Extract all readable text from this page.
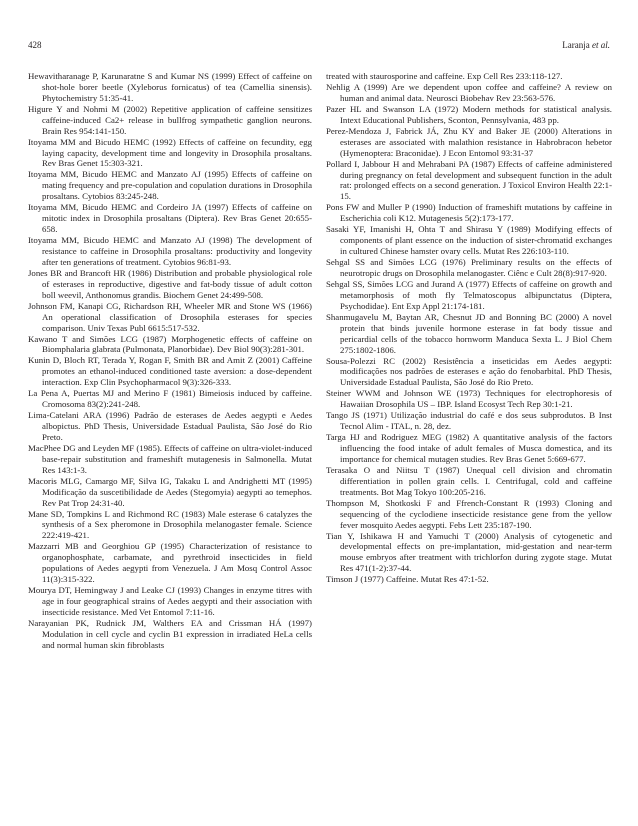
428	Laranja et al.

Hewavitharanage P, Karunaratne S and Kumar NS (1999) Effect of caffeine on shot-hole borer beetle (Xyleborus fornicatus) of tea (Camellia sinensis). Phytochemistry 51:35-41.

Higure Y and Nohmi M (2002) Repetitive application of caffeine sensitizes caffeine-induced Ca2+ release in bullfrog sympathetic ganglion neurons. Brain Res 954:141-150.

Itoyama MM and Bicudo HEMC (1992) Effects of caffeine on fecundity, egg laying capacity, development time and longevity in Drosophila prosaltans. Rev Bras Genet 15:303-321.

Itoyama MM, Bicudo HEMC and Manzato AJ (1995) Effects of caffeine on mating frequency and pre-copulation and copulation durations in Drosophila prosaltans. Cytobios 83:245-248.

Itoyama MM, Bicudo HEMC and Cordeiro JA (1997) Effects of caffeine on mitotic index in Drosophila prosaltans (Diptera). Rev Bras Genet 20:655-658.

Itoyama MM, Bicudo HEMC and Manzato AJ (1998) The development of resistance to caffeine in Drosophila prosaltans: productivity and longevity after ten generations of treatment. Cytobios 96:81-93.

Jones BR and Brancoft HR (1986) Distribution and probable physiological role of esterases in reproductive, digestive and fat-body tissue of adult cotton boll weevil, Anthonomus grandis. Biochem Genet 24:499-508.

Johnson FM, Kanapi CG, Richardson RH, Wheeler MR and Stone WS (1966) An operational classification of Drosophila esterases for species comparison. Univ Texas Publ 6615:517-532.

Kawano T and Simões LCG (1987) Morphogenetic effects of caffeine on Biomphalaria glabrata (Pulmonata, Planorbidae). Dev Biol 90(3):281-301.

Kunin D, Bloch RT, Terada Y, Rogan F, Smith BR and Amit Z (2001) Caffeine promotes an ethanol-induced conditioned taste aversion: a dose-dependent interaction. Exp Clin Psychopharmacol 9(3):326-333.

La Pena A, Puertas MJ and Merino F (1981) Bimeiosis induced by caffeine. Cromosoma 83(2):241-248.

Lima-Catelani ARA (1996) Padrão de esterases de Aedes aegypti e Aedes albopictus. PhD Thesis, Universidade Estadual Paulista, São José do Rio Preto.

MacPhee DG and Leyden MF (1985). Effects of caffeine on ultra-violet-induced base-repair substitution and frameshift mutagenesis in Salmonella. Mutat Res 143:1-3.

Macoris MLG, Camargo MF, Silva IG, Takaku L and Andrighetti MT (1995) Modificação da suscetibilidade de Aedes (Stegomyia) aegypti ao temephos. Rev Pat Trop 24:31-40.

Mane SD, Tompkins L and Richmond RC (1983) Male esterase 6 catalyzes the synthesis of a Sex pheromone in Drosophila melanogaster female. Science 222:419-421.

Mazzarri MB and Georghiou GP (1995) Characterization of resistance to organophosphate, carbamate, and pyrethroid insecticides in field populations of Aedes aegypti from Venezuela. J Am Mosq Control Assoc 11(3):315-322.

Mourya DT, Hemingway J and Leake CJ (1993) Changes in enzyme titres with age in four geographical strains of Aedes aegypti and their association with insecticide resistance. Med Vet Entomol 7:11-16.

Narayanian PK, Rudnick JM, Walthers EA and Crissman HÁ (1997) Modulation in cell cycle and cyclin B1 expression in irradiated HeLa cells and normal human skin fibroblasts

treated with staurosporine and caffeine. Exp Cell Res 233:118-127.

Nehlig A (1999) Are we dependent upon coffee and caffeine? A review on human and animal data. Neurosci Biobehav Rev 23:563-576.

Pazer HL and Swanson LA (1972) Modern methods for statistical analysis. Intext Educational Publishers, Sconton, Pennsylvania, 483 pp.

Perez-Mendoza J, Fabrick JÁ, Zhu KY and Baker JE (2000) Alterations in esterases are associated with malathion resistance in Habrobracon hebetor (Hymenoptera: Braconidae). J Econ Entomol 93:31-37

Pollard I, Jabbour H and Mehrabani PA (1987) Effects of caffeine administered during pregnancy on fetal development and subsequent function in the adult rat: prolonged effects on a second generation. J Toxicol Environ Health 22:1-15.

Pons FW and Muller P (1990) Induction of frameshift mutations by caffeine in Escherichia coli K12. Mutagenesis 5(2):173-177.

Sasaki YF, Imanishi H, Ohta T and Shirasu Y (1989) Modifying effects of components of plant essence on the induction of sister-chromatid exchanges in cultured Chinese hamster ovary cells. Mutat Res 226:103-110.

Sehgal SS and Simões LCG (1976) Preliminary results on the effects of neurotropic drugs on Drosophila melanogaster. Ciênc e Cult 28(8):917-920.

Sehgal SS, Simões LCG and Jurand A (1977) Effects of caffeine on growth and metamorphosis of moth fly Telmatoscopus albipunctatus (Diptera, Psychodidae). Ent Exp Appl 21:174-181.

Shanmugavelu M, Baytan AR, Chesnut JD and Bonning BC (2000) A novel protein that binds juvenile hormone esterase in fat body tissue and pericardial cells of the tobacco hornworm Manduca Sexta L. J Biol Chem 275:1802-1806.

Sousa-Polezzi RC (2002) Resistência a inseticidas em Aedes aegypti: modificações nos padrões de esterases e ação do fenobarbital. PhD Thesis, Universidade Estadual Paulista, São José do Rio Preto.

Steiner WWM and Johnson WE (1973) Techniques for electrophoresis of Hawaiian Drosophila US – IBP. Island Ecosyst Tech Rep 30:1-21.

Tango JS (1971) Utilização industrial do café e dos seus subprodutos. B Inst Tecnol Alim - ITAL, n. 28, dez.

Targa HJ and Rodriguez MEG (1982) A quantitative analysis of the factors influencing the food intake of adult females of Musca domestica, and its importance for chemical mutagen studies. Rev Bras Genet 5:669-677.

Terasaka O and Niitsu T (1987) Unequal cell division and chromatin differentiation in pollen grain cells. I. Centrifugal, cold and caffeine treatments. Bot Mag Tokyo 100:205-216.

Thompson M, Shotkoski F and Ffrench-Constant R (1993) Cloning and sequencing of the cyclodiene insecticide resistance gene from the yellow fever mosquito Aedes aegypti. Febs Lett 235:187-190.

Tian Y, Ishikawa H and Yamuchi T (2000) Analysis of cytogenetic and developmental effects on pre-implantation, mid-gestation and near-term mouse embryos after treatment with trichlorfon during zygote stage. Mutat Res 471(1-2):37-44.

Timson J (1977) Caffeine. Mutat Res 47:1-52.
